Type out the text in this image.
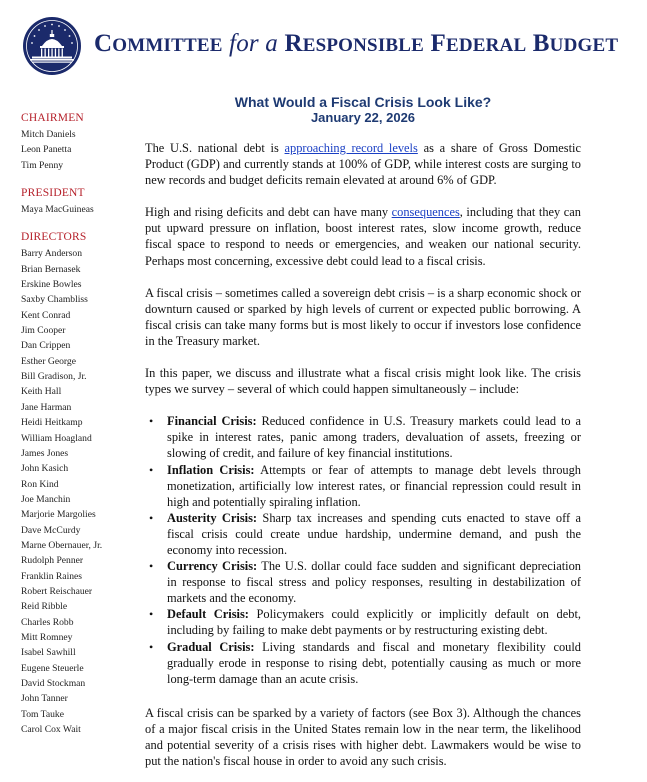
COMMITTEE for a RESPONSIBLE FEDERAL BUDGET
CHAIRMEN
Mitch Daniels
Leon Panetta
Tim Penny
PRESIDENT
Maya MacGuineas
DIRECTORS
Barry Anderson
Brian Bernasek
Erskine Bowles
Saxby Chambliss
Kent Conrad
Jim Cooper
Dan Crippen
Esther George
Bill Gradison, Jr.
Keith Hall
Jane Harman
Heidi Heitkamp
William Hoagland
James Jones
John Kasich
Ron Kind
Joe Manchin
Marjorie Margolies
Dave McCurdy
Marne Obernauer, Jr.
Rudolph Penner
Franklin Raines
Robert Reischauer
Reid Ribble
Charles Robb
Mitt Romney
Isabel Sawhill
Eugene Steuerle
David Stockman
John Tanner
Tom Tauke
Carol Cox Wait
What Would a Fiscal Crisis Look Like?
January 22, 2026

The U.S. national debt is approaching record levels as a share of Gross Domestic Product (GDP) and currently stands at 100% of GDP, while interest costs are surging to new records and budget deficits remain elevated at around 6% of GDP.

High and rising deficits and debt can have many consequences, including that they can put upward pressure on inflation, boost interest rates, slow income growth, reduce fiscal space to respond to needs or emergencies, and weaken our national security. Perhaps most concerning, excessive debt could lead to a fiscal crisis.

A fiscal crisis – sometimes called a sovereign debt crisis – is a sharp economic shock or downturn caused or sparked by high levels of current or expected public borrowing. A fiscal crisis can take many forms but is most likely to occur if investors lose confidence in the Treasury market.

In this paper, we discuss and illustrate what a fiscal crisis might look like. The crisis types we survey – several of which could happen simultaneously – include:

• Financial Crisis: Reduced confidence in U.S. Treasury markets could lead to a spike in interest rates, panic among traders, devaluation of assets, freezing or slowing of credit, and failure of key financial institutions.
• Inflation Crisis: Attempts or fear of attempts to manage debt levels through monetization, artificially low interest rates, or financial repression could result in high and potentially spiraling inflation.
• Austerity Crisis: Sharp tax increases and spending cuts enacted to stave off a fiscal crisis could create undue hardship, undermine demand, and push the economy into recession.
• Currency Crisis: The U.S. dollar could face sudden and significant depreciation in response to fiscal stress and policy responses, resulting in destabilization of markets and the economy.
• Default Crisis: Policymakers could explicitly or implicitly default on debt, including by failing to make debt payments or by restructuring existing debt.
• Gradual Crisis: Living standards and fiscal and monetary flexibility could gradually erode in response to rising debt, potentially causing as much or more long-term damage than an acute crisis.

A fiscal crisis can be sparked by a variety of factors (see Box 3). Although the chances of a major fiscal crisis in the United States remain low in the near term, the likelihood and potential severity of a crisis rises with higher debt. Lawmakers would be wise to put the nation's fiscal house in order to avoid any such crisis.
